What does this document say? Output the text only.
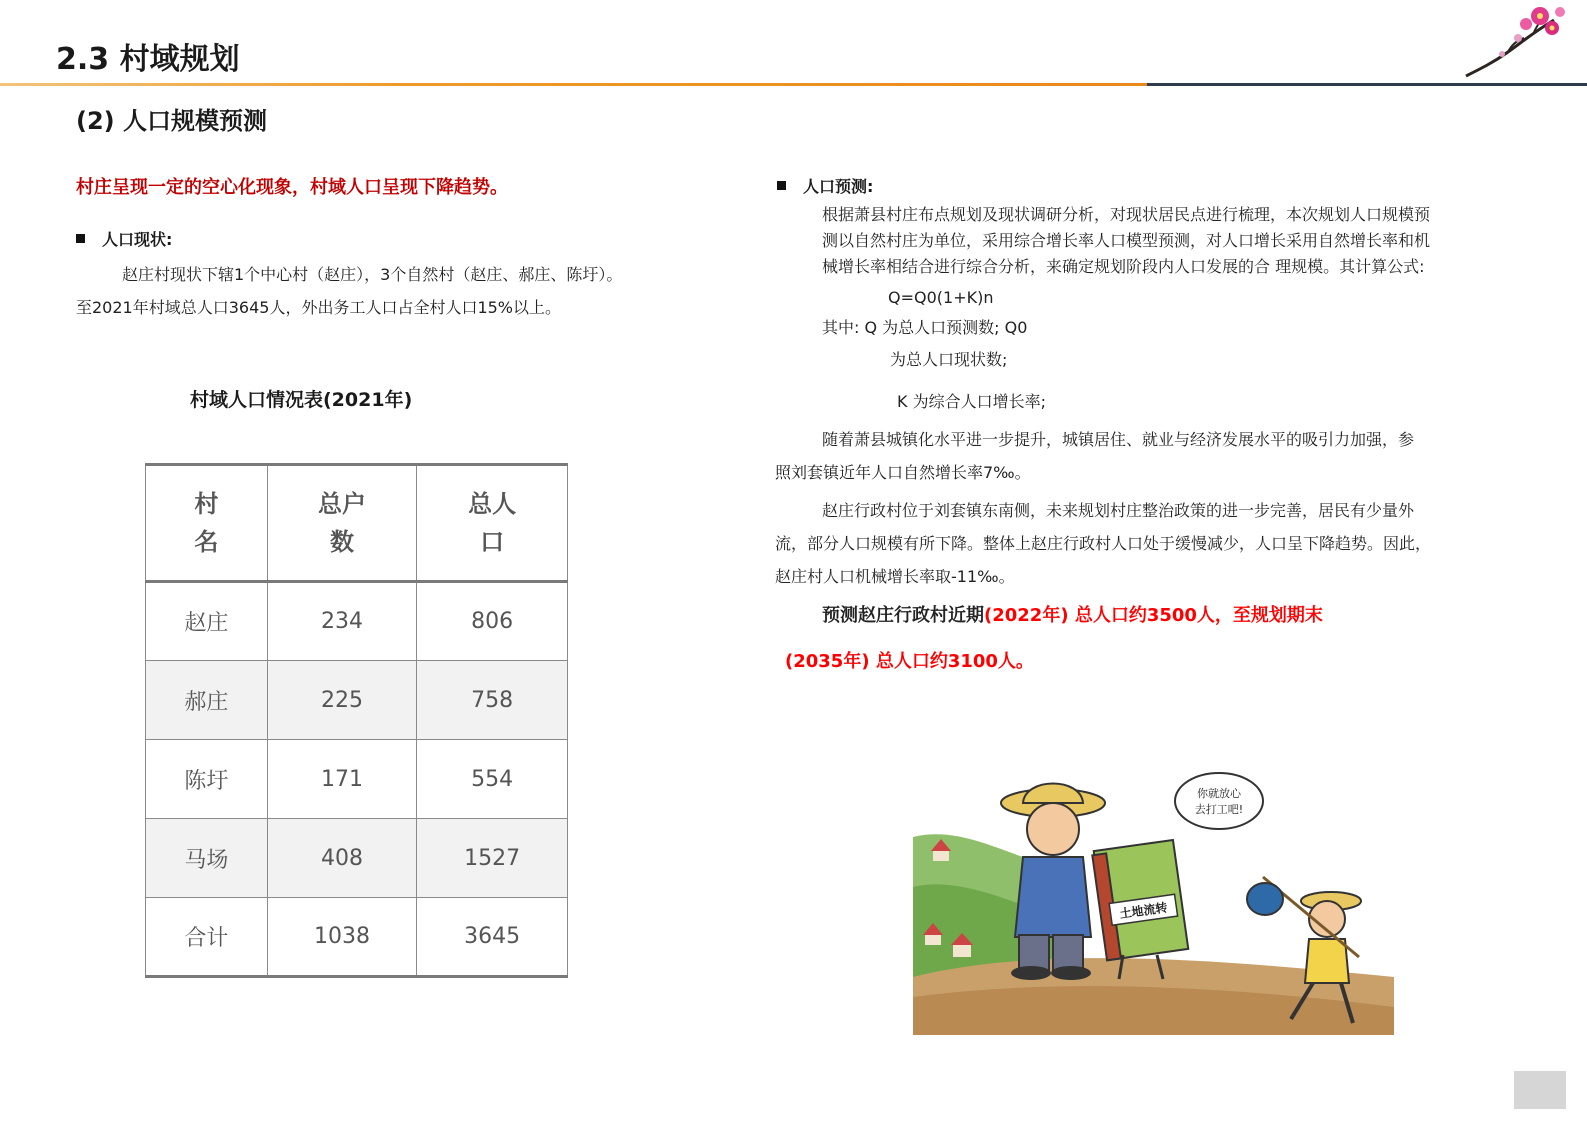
2.3 村域规划
(2) 人口规模预测
村庄呈现一定的空心化现象，村域人口呈现下降趋势。
人口现状:
赵庄村现状下辖1个中心村（赵庄），3个自然村（赵庄、郝庄、陈圩）。
至2021年村域总人口3645人，外出务工人口占全村人口15%以上。
村域人口情况表(2021年)
村名	总户数	总人口
赵庄	234	806
郝庄	225	758
陈圩	171	554
马场	408	1527
合计	1038	3645
人口预测:
根据萧县村庄布点规划及现状调研分析，对现状居民点进行梳理，本次规划人口规模预
测以自然村庄为单位，采用综合增长率人口模型预测，对人口增长采用自然增长率和机
械增长率相结合进行综合分析，来确定规划阶段内人口发展的合 理规模。其计算公式:
Q=Q0(1+K)n
其中: Q 为总人口预测数; Q0
为总人口现状数;
K 为综合人口增长率;
随着萧县城镇化水平进一步提升，城镇居住、就业与经济发展水平的吸引力加强，参
照刘套镇近年人口自然增长率7‰。
赵庄行政村位于刘套镇东南侧，未来规划村庄整治政策的进一步完善，居民有少量外
流，部分人口规模有所下降。整体上赵庄行政村人口处于缓慢减少，人口呈下降趋势。因此，
赵庄村人口机械增长率取-11‰。
预测赵庄行政村近期(2022年) 总人口约3500人，至规划期末
(2035年) 总人口约3100人。
土地流转
你就放心
去打工吧!
